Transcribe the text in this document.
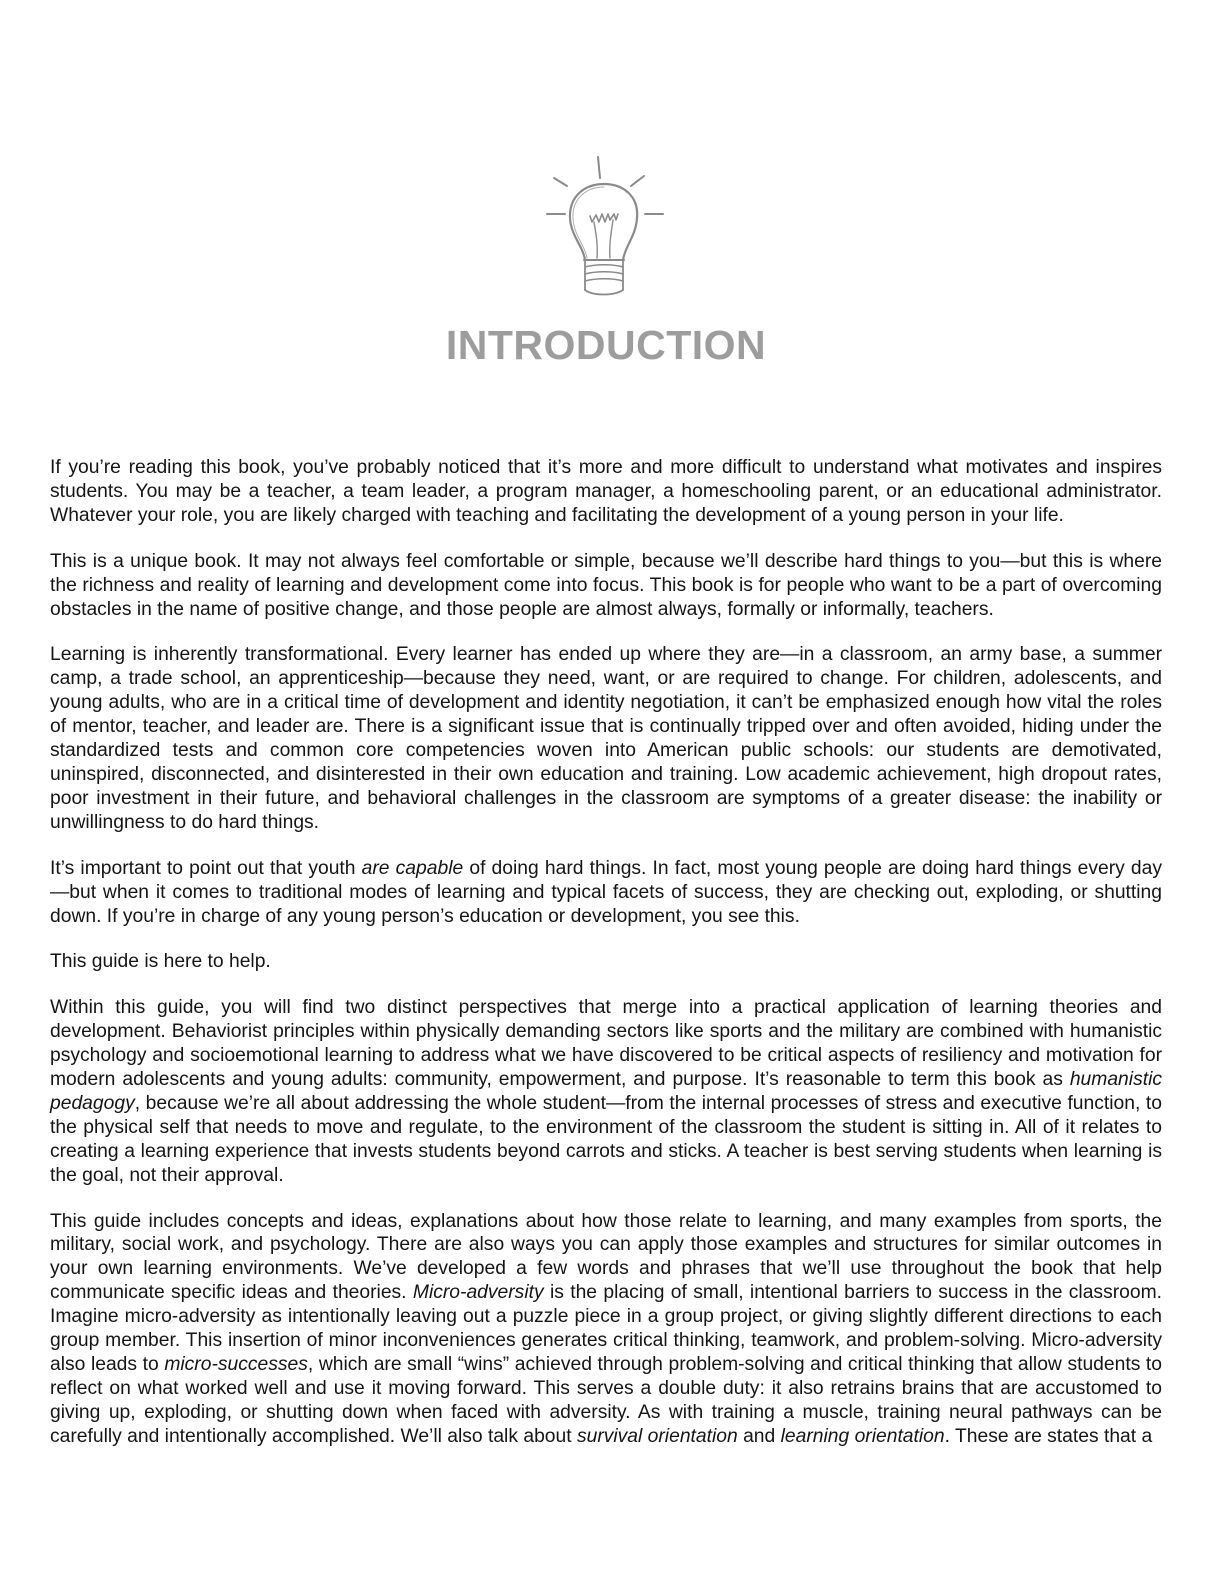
INTRODUCTION

If you’re reading this book, you’ve probably noticed that it’s more and more difficult to understand what motivates and inspires students. You may be a teacher, a team leader, a program manager, a homeschooling parent, or an educational administrator. Whatever your role, you are likely charged with teaching and facilitating the development of a young person in your life.

This is a unique book. It may not always feel comfortable or simple, because we’ll describe hard things to you—but this is where the richness and reality of learning and development come into focus. This book is for people who want to be a part of overcoming obstacles in the name of positive change, and those people are almost always, formally or informally, teachers.

Learning is inherently transformational. Every learner has ended up where they are—in a classroom, an army base, a summer camp, a trade school, an apprenticeship—because they need, want, or are required to change. For children, adolescents, and young adults, who are in a critical time of development and identity negotiation, it can’t be emphasized enough how vital the roles of mentor, teacher, and leader are. There is a significant issue that is continually tripped over and often avoided, hiding under the standardized tests and common core competencies woven into American public schools: our students are demotivated, uninspired, disconnected, and disinterested in their own education and training. Low academic achievement, high dropout rates, poor investment in their future, and behavioral challenges in the classroom are symptoms of a greater disease: the inability or unwillingness to do hard things.

It’s important to point out that youth are capable of doing hard things. In fact, most young people are doing hard things every day—but when it comes to traditional modes of learning and typical facets of success, they are checking out, exploding, or shutting down. If you’re in charge of any young person’s education or development, you see this.

This guide is here to help.

Within this guide, you will find two distinct perspectives that merge into a practical application of learning theories and development. Behaviorist principles within physically demanding sectors like sports and the military are combined with humanistic psychology and socioemotional learning to address what we have discovered to be critical aspects of resiliency and motivation for modern adolescents and young adults: community, empowerment, and purpose. It’s reasonable to term this book as humanistic pedagogy, because we’re all about addressing the whole student—from the internal processes of stress and executive function, to the physical self that needs to move and regulate, to the environment of the classroom the student is sitting in. All of it relates to creating a learning experience that invests students beyond carrots and sticks. A teacher is best serving students when learning is the goal, not their approval.

This guide includes concepts and ideas, explanations about how those relate to learning, and many examples from sports, the military, social work, and psychology. There are also ways you can apply those examples and structures for similar outcomes in your own learning environments. We’ve developed a few words and phrases that we’ll use throughout the book that help communicate specific ideas and theories. Micro-adversity is the placing of small, intentional barriers to success in the classroom. Imagine micro-adversity as intentionally leaving out a puzzle piece in a group project, or giving slightly different directions to each group member. This insertion of minor inconveniences generates critical thinking, teamwork, and problem-solving. Micro-adversity also leads to micro-successes, which are small “wins” achieved through problem-solving and critical thinking that allow students to reflect on what worked well and use it moving forward. This serves a double duty: it also retrains brains that are accustomed to giving up, exploding, or shutting down when faced with adversity. As with training a muscle, training neural pathways can be carefully and intentionally accomplished. We’ll also talk about survival orientation and learning orientation. These are states that a
